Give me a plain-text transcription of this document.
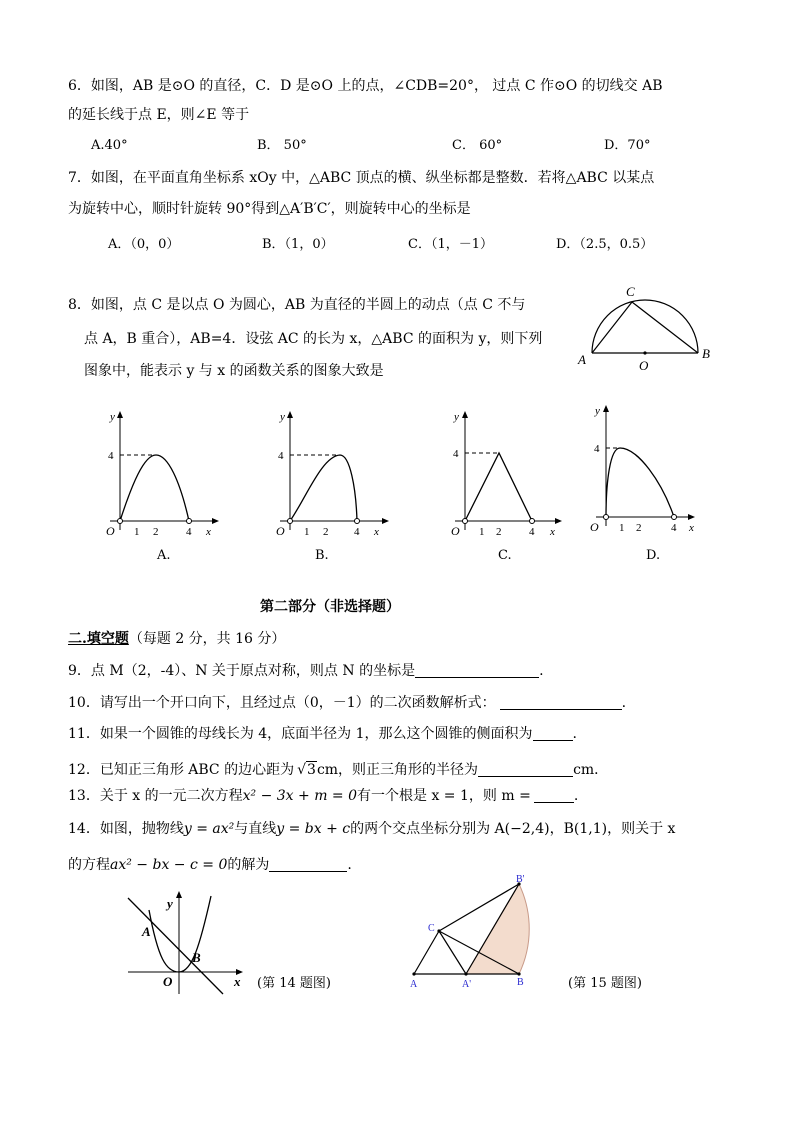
6．如图，AB 是⊙O 的直径，C．D 是⊙O 上的点，∠CDB=20°， 过点 C 作⊙O 的切线交 AB
的延长线于点 E，则∠E 等于
A.40°	B． 50°	C． 60°	D．70°
7．如图，在平面直角坐标系 xOy 中，△ABC 顶点的横、纵坐标都是整数．若将△ABC 以某点
为旋转中心，顺时针旋转 90°得到△A′B′C′，则旋转中心的坐标是
A．（0，0）	B．（1，0）	C．（1，－1）	D．（2.5，0.5）
8．如图，点 C 是以点 O 为圆心，AB 为直径的半圆上的动点（点 C 不与
点 A，B 重合），AB=4．设弦 AC 的长为 x，△ABC 的面积为 y，则下列
图象中，能表示 y 与 x 的函数关系的图象大致是
C
A	B
O
y
4
O 1 2	4 x
A.
y
4
O 1 2 4 x
B.
y
4
O 1 2	4 x
C.
y
4
O 1 2	4 x
D.
第二部分（非选择题）
二.填空题（每题 2 分，共 16 分）
9．点 M（2，-4）、N 关于原点对称，则点 N 的坐标是	.
10．请写出一个开口向下，且经过点（0，－1）的二次函数解析式：	.
11．如果一个圆锥的母线长为 4，底面半径为 1，那么这个圆锥的侧面积为	.
12．已知正三角形 ABC 的边心距为 √3cm，则正三角形的半径为	cm．
13．关于 x 的一元二次方程x² − 3x + m = 0有一个根是 x = 1，则 m =	.
14．如图，抛物线y = ax²与直线y = bx + c的两个交点坐标分别为 A(−2,4)，B(1,1)，则关于 x
的方程ax² − bx − c = 0的解为	.
A
B
O
y
x (第 14 题图)
C
A	A'	B
B'
(第 15 题图)
